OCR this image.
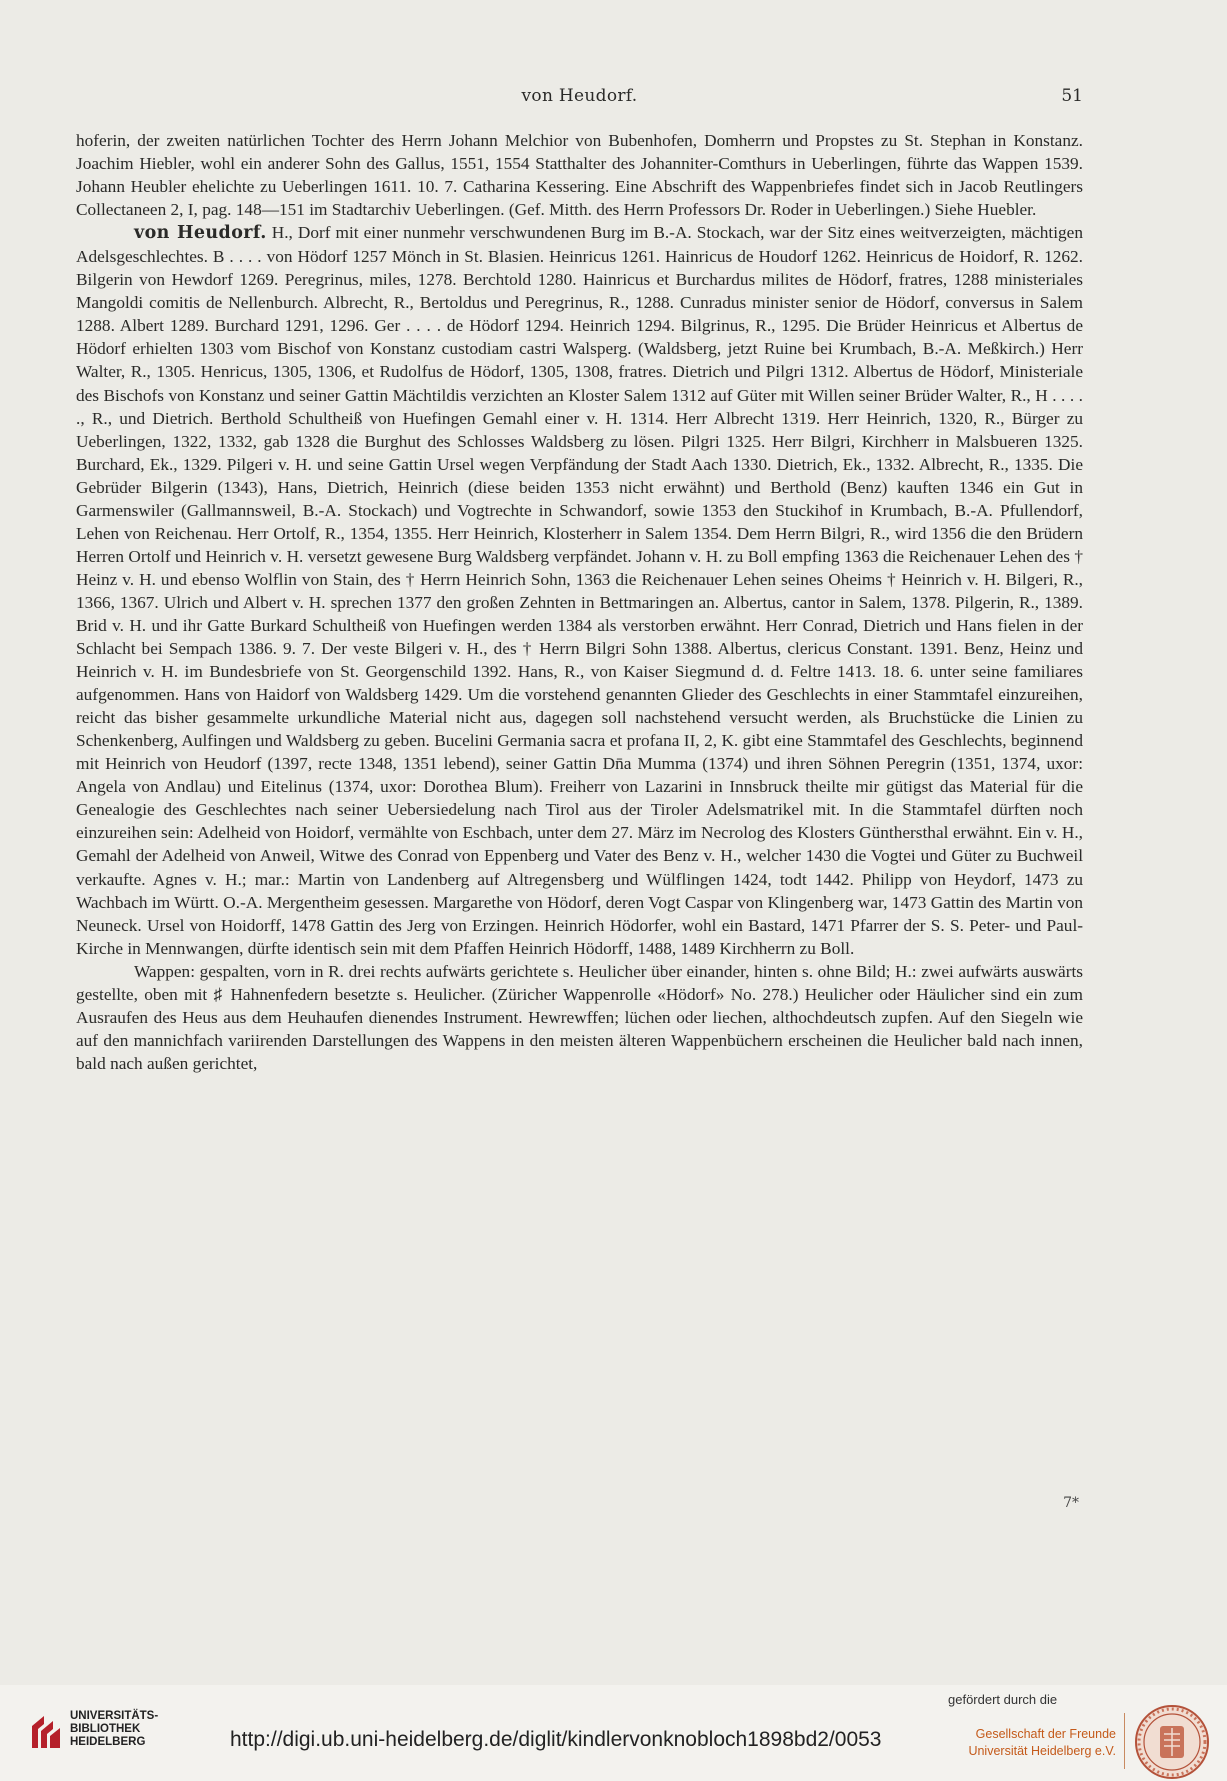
von Heudorf.	51

hoferin, der zweiten natürlichen Tochter des Herrn Johann Melchior von Bubenhofen, Domherrn und Propstes zu St. Stephan in Konstanz. Joachim Hiebler, wohl ein anderer Sohn des Gallus, 1551, 1554 Statthalter des Johanniter-Comthurs in Ueberlingen, führte das Wappen 1539. Johann Heubler ehelichte zu Ueberlingen 1611. 10. 7. Catharina Kessering. Eine Abschrift des Wappenbriefes findet sich in Jacob Reutlingers Collectaneen 2, I, pag. 148—151 im Stadtarchiv Ueberlingen. (Gef. Mitth. des Herrn Professors Dr. Roder in Ueberlingen.) Siehe Huebler.

von Heudorf. H., Dorf mit einer nunmehr verschwundenen Burg im B.-A. Stockach, war der Sitz eines weitverzeigten, mächtigen Adelsgeschlechtes. B . . . . von Hödorf 1257 Mönch in St. Blasien. Heinricus 1261. Hainricus de Houdorf 1262. Heinricus de Hoidorf, R. 1262. Bilgerin von Hewdorf 1269. Peregrinus, miles, 1278. Berchtold 1280. Hainricus et Burchardus milites de Hödorf, fratres, 1288 ministeriales Mangoldi comitis de Nellenburch. Albrecht, R., Bertoldus und Peregrinus, R., 1288. Cunradus minister senior de Hödorf, conversus in Salem 1288. Albert 1289. Burchard 1291, 1296. Ger . . . . de Hödorf 1294. Heinrich 1294. Bilgrinus, R., 1295. Die Brüder Heinricus et Albertus de Hödorf erhielten 1303 vom Bischof von Konstanz custodiam castri Walsperg. (Waldsberg, jetzt Ruine bei Krumbach, B.-A. Meßkirch.) Herr Walter, R., 1305. Henricus, 1305, 1306, et Rudolfus de Hödorf, 1305, 1308, fratres. Dietrich und Pilgri 1312. Albertus de Hödorf, Ministeriale des Bischofs von Konstanz und seiner Gattin Mächtildis verzichten an Kloster Salem 1312 auf Güter mit Willen seiner Brüder Walter, R., H . . . . ., R., und Dietrich. Berthold Schultheiß von Huefingen Gemahl einer v. H. 1314. Herr Albrecht 1319. Herr Heinrich, 1320, R., Bürger zu Ueberlingen, 1322, 1332, gab 1328 die Burghut des Schlosses Waldsberg zu lösen. Pilgri 1325. Herr Bilgri, Kirchherr in Malsbueren 1325. Burchard, Ek., 1329. Pilgeri v. H. und seine Gattin Ursel wegen Verpfändung der Stadt Aach 1330. Dietrich, Ek., 1332. Albrecht, R., 1335. Die Gebrüder Bilgerin (1343), Hans, Dietrich, Heinrich (diese beiden 1353 nicht erwähnt) und Berthold (Benz) kauften 1346 ein Gut in Garmenswiler (Gallmannsweil, B.-A. Stockach) und Vogtrechte in Schwandorf, sowie 1353 den Stuckihof in Krumbach, B.-A. Pfullendorf, Lehen von Reichenau. Herr Ortolf, R., 1354, 1355. Herr Heinrich, Klosterherr in Salem 1354. Dem Herrn Bilgri, R., wird 1356 die den Brüdern Herren Ortolf und Heinrich v. H. versetzt gewesene Burg Waldsberg verpfändet. Johann v. H. zu Boll empfing 1363 die Reichenauer Lehen des † Heinz v. H. und ebenso Wolflin von Stain, des † Herrn Heinrich Sohn, 1363 die Reichenauer Lehen seines Oheims † Heinrich v. H. Bilgeri, R., 1366, 1367. Ulrich und Albert v. H. sprechen 1377 den großen Zehnten in Bettmaringen an. Albertus, cantor in Salem, 1378. Pilgerin, R., 1389. Brid v. H. und ihr Gatte Burkard Schultheiß von Huefingen werden 1384 als verstorben erwähnt. Herr Conrad, Dietrich und Hans fielen in der Schlacht bei Sempach 1386. 9. 7. Der veste Bilgeri v. H., des † Herrn Bilgri Sohn 1388. Albertus, clericus Constant. 1391. Benz, Heinz und Heinrich v. H. im Bundesbriefe von St. Georgenschild 1392. Hans, R., von Kaiser Siegmund d. d. Feltre 1413. 18. 6. unter seine familiares aufgenommen. Hans von Haidorf von Waldsberg 1429. Um die vorstehend genannten Glieder des Geschlechts in einer Stammtafel einzureihen, reicht das bisher gesammelte urkundliche Material nicht aus, dagegen soll nachstehend versucht werden, als Bruchstücke die Linien zu Schenkenberg, Aulfingen und Waldsberg zu geben. Bucelini Germania sacra et profana II, 2, K. gibt eine Stammtafel des Geschlechts, beginnend mit Heinrich von Heudorf (1397, recte 1348, 1351 lebend), seiner Gattin Dn̄a Mumma (1374) und ihren Söhnen Peregrin (1351, 1374, uxor: Angela von Andlau) und Eitelinus (1374, uxor: Dorothea Blum). Freiherr von Lazarini in Innsbruck theilte mir gütigst das Material für die Genealogie des Geschlechtes nach seiner Uebersiedelung nach Tirol aus der Tiroler Adelsmatrikel mit. In die Stammtafel dürften noch einzureihen sein: Adelheid von Hoidorf, vermählte von Eschbach, unter dem 27. März im Necrolog des Klosters Günthersthal erwähnt. Ein v. H., Gemahl der Adelheid von Anweil, Witwe des Conrad von Eppenberg und Vater des Benz v. H., welcher 1430 die Vogtei und Güter zu Buchweil verkaufte. Agnes v. H.; mar.: Martin von Landenberg auf Altregensberg und Wülflingen 1424, todt 1442. Philipp von Heydorf, 1473 zu Wachbach im Württ. O.-A. Mergentheim gesessen. Margarethe von Hödorf, deren Vogt Caspar von Klingenberg war, 1473 Gattin des Martin von Neuneck. Ursel von Hoidorff, 1478 Gattin des Jerg von Erzingen. Heinrich Hödorfer, wohl ein Bastard, 1471 Pfarrer der S. S. Peter- und Paul-Kirche in Mennwangen, dürfte identisch sein mit dem Pfaffen Heinrich Hödorff, 1488, 1489 Kirchherrn zu Boll.

Wappen: gespalten, vorn in R. drei rechts aufwärts gerichtete s. Heulicher über einander, hinten s. ohne Bild; H.: zwei aufwärts auswärts gestellte, oben mit ♯ Hahnenfedern besetzte s. Heulicher. (Züricher Wappenrolle «Hödorf» No. 278.) Heulicher oder Häulicher sind ein zum Ausraufen des Heus aus dem Heuhaufen dienendes Instrument. Hewrewffen; lüchen oder liechen, althochdeutsch zupfen. Auf den Siegeln wie auf den mannichfach variirenden Darstellungen des Wappens in den meisten älteren Wappenbüchern erscheinen die Heulicher bald nach innen, bald nach außen gerichtet,

7*
UNIVERSITÄTS-
BIBLIOTHEK
HEIDELBERG	http://digi.ub.uni-heidelberg.de/diglit/kindlervonknobloch1898bd2/0053
gefördert durch die
Gesellschaft der Freunde
Universität Heidelberg e.V.
